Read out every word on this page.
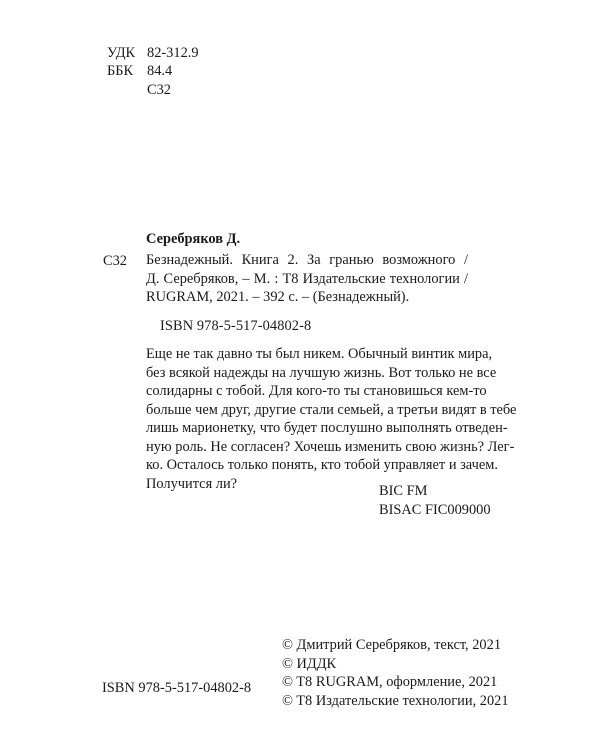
УДК 82-312.9
ББК 84.4
С32
Серебряков Д.
С32 Безнадежный. Книга 2. За гранью возможного /
Д. Серебряков, – М. : T8 Издательские технологии /
RUGRAM, 2021. – 392 с. – (Безнадежный).
ISBN 978-5-517-04802-8
Еще не так давно ты был никем. Обычный винтик мира,
без всякой надежды на лучшую жизнь. Вот только не все
солидарны с тобой. Для кого-то ты становишься кем-то
больше чем друг, другие стали семьей, а третьи видят в тебе
лишь марионетку, что будет послушно выполнять отведен-
ную роль. Не согласен? Хочешь изменить свою жизнь? Лег-
ко. Осталось только понять, кто тобой управляет и зачем.
Получится ли?	BIC FM
BISAC FIC009000
© Дмитрий Серебряков, текст, 2021
© ИДДК
© T8 RUGRAM, оформление, 2021
© T8 Издательские технологии, 2021
ISBN 978-5-517-04802-8
